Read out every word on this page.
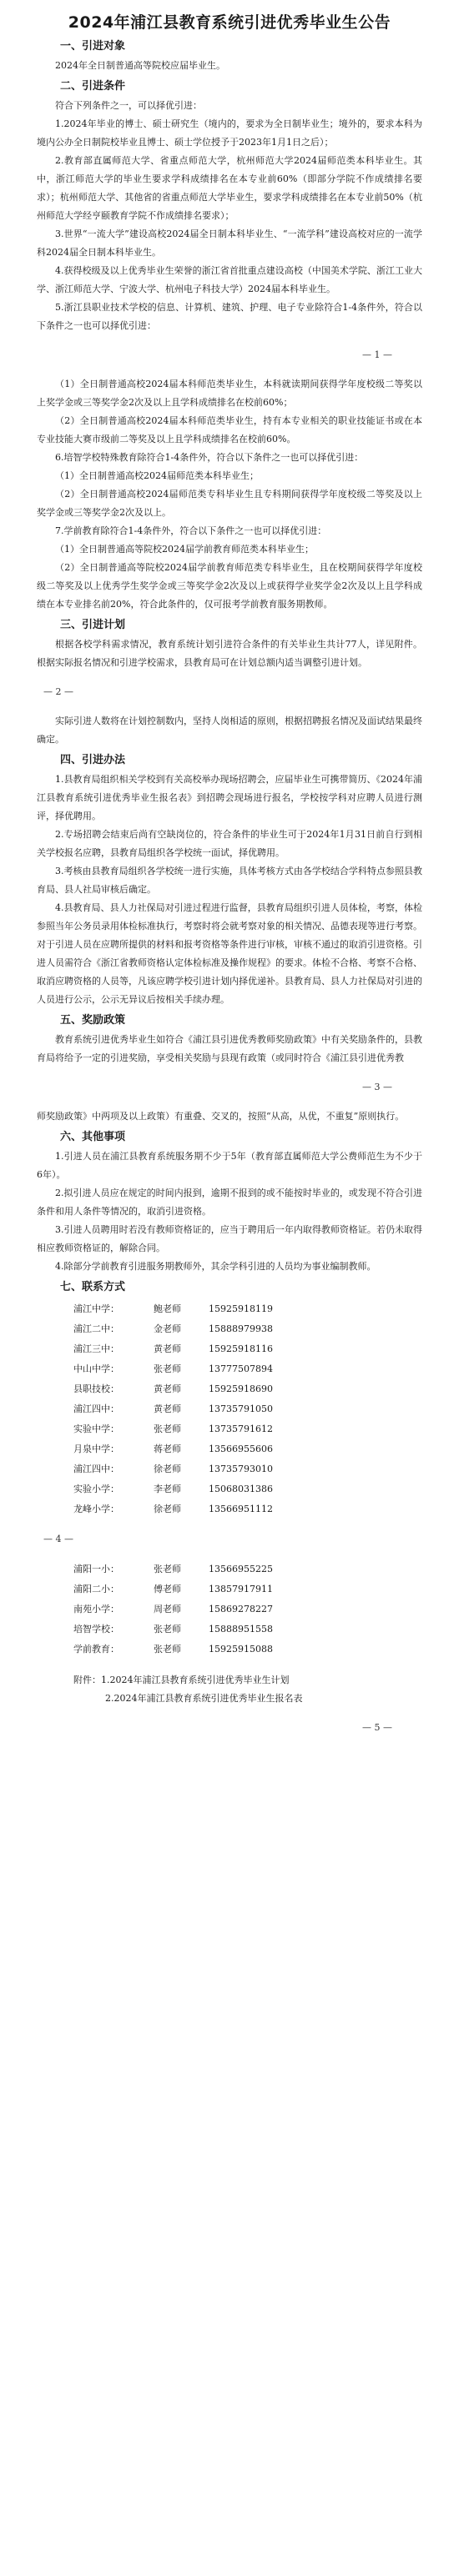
2024年浦江县教育系统引进优秀毕业生公告
一、引进对象

2024年全日制普通高等院校应届毕业生。

二、引进条件

符合下列条件之一，可以择优引进：

1.2024年毕业的博士、硕士研究生（境内的，要求为全日制毕业生；境外的，要求本科为境内公办全日制院校毕业且博士、硕士学位授予于2023年1月1日之后）；

2.教育部直属师范大学、省重点师范大学，杭州师范大学2024届师范类本科毕业生。其中，浙江师范大学的毕业生要求学科成绩排名在本专业前60%（即部分学院不作成绩排名要求）；杭州师范大学、其他省的省重点师范大学毕业生，要求学科成绩排名在本专业前50%（杭州师范大学经亨颐教育学院不作成绩排名要求）；

3.世界“一流大学”建设高校2024届全日制本科毕业生、“一流学科”建设高校对应的一流学科2024届全日制本科毕业生。

4.获得校级及以上优秀毕业生荣誉的浙江省首批重点建设高校（中国美术学院、浙江工业大学、浙江师范大学、宁波大学、杭州电子科技大学）2024届本科毕业生。

5.浙江县职业技术学校的信息、计算机、建筑、护理、电子专业除符合1-4条件外，符合以下条件之一也可以择优引进：

— 1 —

（1）全日制普通高校2024届本科师范类毕业生，本科就读期间获得学年度校级二等奖以上奖学金或三等奖学金2次及以上且学科成绩排名在校前60%；

（2）全日制普通高校2024届本科师范类毕业生，持有本专业相关的职业技能证书或在本专业技能大赛市级前二等奖及以上且学科成绩排名在校前60%。

6.培智学校特殊教育除符合1-4条件外，符合以下条件之一也可以择优引进：

（1）全日制普通高校2024届师范类本科毕业生；

（2）全日制普通高校2024届师范类专科毕业生且专科期间获得学年度校级二等奖及以上奖学金或三等奖学金2次及以上。

7.学前教育除符合1-4条件外，符合以下条件之一也可以择优引进：

（1）全日制普通高等院校2024届学前教育师范类本科毕业生；

（2）全日制普通高等院校2024届学前教育师范类专科毕业生，且在校期间获得学年度校级二等奖及以上优秀学生奖学金或三等奖学金2次及以上或获得学业奖学金2次及以上且学科成绩在本专业排名前20%，符合此条件的，仅可报考学前教育服务期教师。

三、引进计划

根据各校学科需求情况，教育系统计划引进符合条件的有关毕业生共计77人，详见附件。根据实际报名情况和引进学校需求，县教育局可在计划总额内适当调整引进计划。

— 2 —

实际引进人数将在计划控制数内，坚持人岗相适的原则，根据招聘报名情况及面试结果最终确定。

四、引进办法

1.县教育局组织相关学校到有关高校举办现场招聘会，应届毕业生可携带简历、《2024年浦江县教育系统引进优秀毕业生报名表》到招聘会现场进行报名，学校按学科对应聘人员进行测评，择优聘用。

2.专场招聘会结束后尚有空缺岗位的，符合条件的毕业生可于2024年1月31日前自行到相关学校报名应聘，县教育局组织各学校统一面试，择优聘用。

3.考核由县教育局组织各学校统一进行实施，具体考核方式由各学校结合学科特点参照县教育局、县人社局审核后确定。

4.县教育局、县人力社保局对引进过程进行监督，县教育局组织引进人员体检，考察，体检参照当年公务员录用体检标准执行，考察时将会就考察对象的相关情况、品德表现等进行考察。对于引进人员在应聘所提供的材料和报考资格等条件进行审核，审核不通过的取消引进资格。引进人员需符合《浙江省教师资格认定体检标准及操作规程》的要求。体检不合格、考察不合格、取消应聘资格的人员等，凡该应聘学校引进计划内择优递补。县教育局、县人力社保局对引进的人员进行公示，公示无异议后按相关手续办理。

五、奖励政策

教育系统引进优秀毕业生如符合《浦江县引进优秀教师奖励政策》中有关奖励条件的，县教育局将给予一定的引进奖励，享受相关奖励与县现有政策（或同时符合《浦江县引进优秀教

— 3 —

师奖励政策》中两项及以上政策）有重叠、交叉的，按照“从高，从优，不重复”原则执行。

六、其他事项

1.引进人员在浦江县教育系统服务期不少于5年（教育部直属师范大学公费师范生为不少于6年）。

2.拟引进人员应在规定的时间内报到，逾期不报到的或不能按时毕业的，或发现不符合引进条件和用人条件等情况的，取消引进资格。

3.引进人员聘用时若没有教师资格证的，应当于聘用后一年内取得教师资格证。若仍未取得相应教师资格证的，解除合同。

4.除部分学前教育引进服务期教师外，其余学科引进的人员均为事业编制教师。

七、联系方式
浦江中学：	鲍老师	15925918119
浦江二中：	金老师	15888979938
浦江三中：	黄老师	15925918116
中山中学：	张老师	13777507894
县职技校：	黄老师	15925918690
浦江四中：	黄老师	13735791050
实验中学：	张老师	13735791612
月泉中学：	蒋老师	13566955606
浦江四中：	徐老师	13735793010
实验小学：	李老师	15068031386
龙峰小学：	徐老师	13566951112
— 4 —
浦阳一小：	张老师	13566955225
浦阳二小：	傅老师	13857917911
南苑小学：	周老师	15869278227
培智学校：	张老师	15888951558
学前教育：	张老师	15925915088
附件：1.2024年浦江县教育系统引进优秀毕业生计划
2.2024年浦江县教育系统引进优秀毕业生报名表
— 5 —
